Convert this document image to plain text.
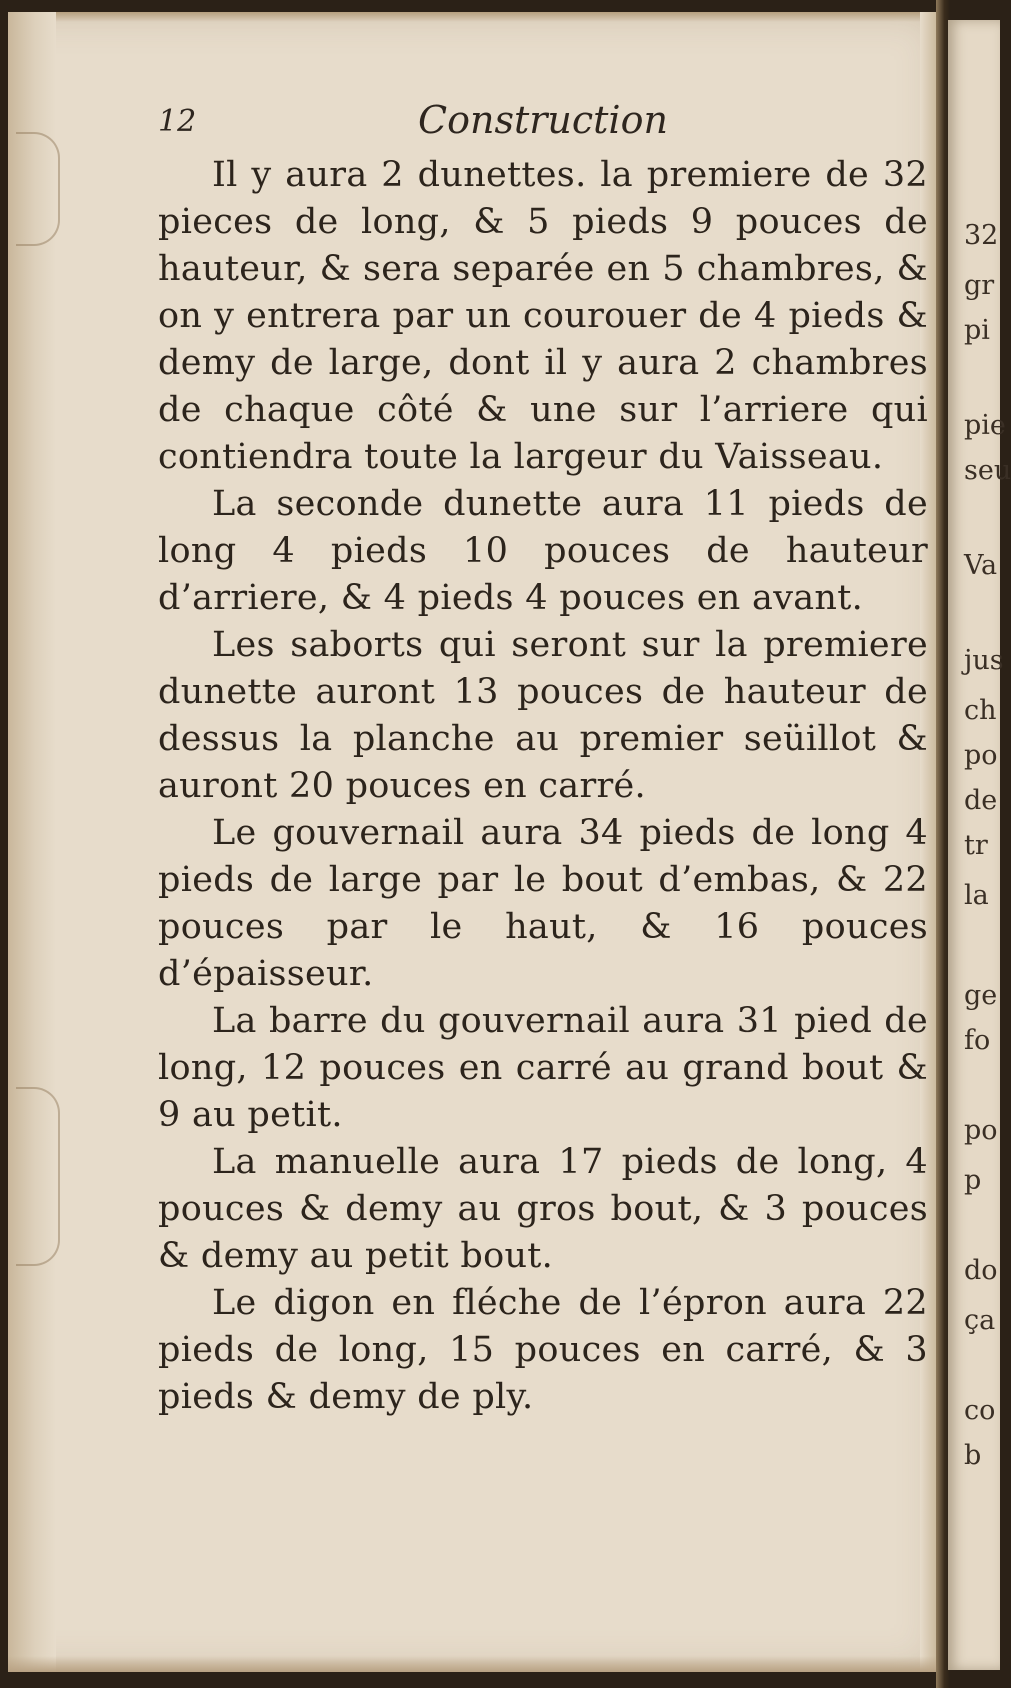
32
gr
pi
pie
seu
Va
jus
ch
po
de
tr
la
ge
fo
po
p
do
ça
co
b
12	Construction

Il y aura 2 dunettes. la premiere de 32 pieces de long, & 5 pieds 9 pouces de hauteur, & sera separée en 5 chambres, & on y entrera par un courouer de 4 pieds & demy de large, dont il y aura 2 chambres de chaque côté & une sur l’arriere qui contiendra toute la largeur du Vaisseau.

La seconde dunette aura 11 pieds de long 4 pieds 10 pouces de hauteur d’arriere, & 4 pieds 4 pouces en avant.

Les saborts qui seront sur la premiere dunette auront 13 pouces de hauteur de dessus la planche au premier seüillot & auront 20 pouces en carré.

Le gouvernail aura 34 pieds de long 4 pieds de large par le bout d’embas, & 22 pouces par le haut, & 16 pouces d’épaisseur.

La barre du gouvernail aura 31 pied de long, 12 pouces en carré au grand bout & 9 au petit.

La manuelle aura 17 pieds de long, 4 pouces & demy au gros bout, & 3 pouces & demy au petit bout.

Le digon en fléche de l’épron aura 22 pieds de long, 15 pouces en carré, & 3 pieds & demy de ply.
